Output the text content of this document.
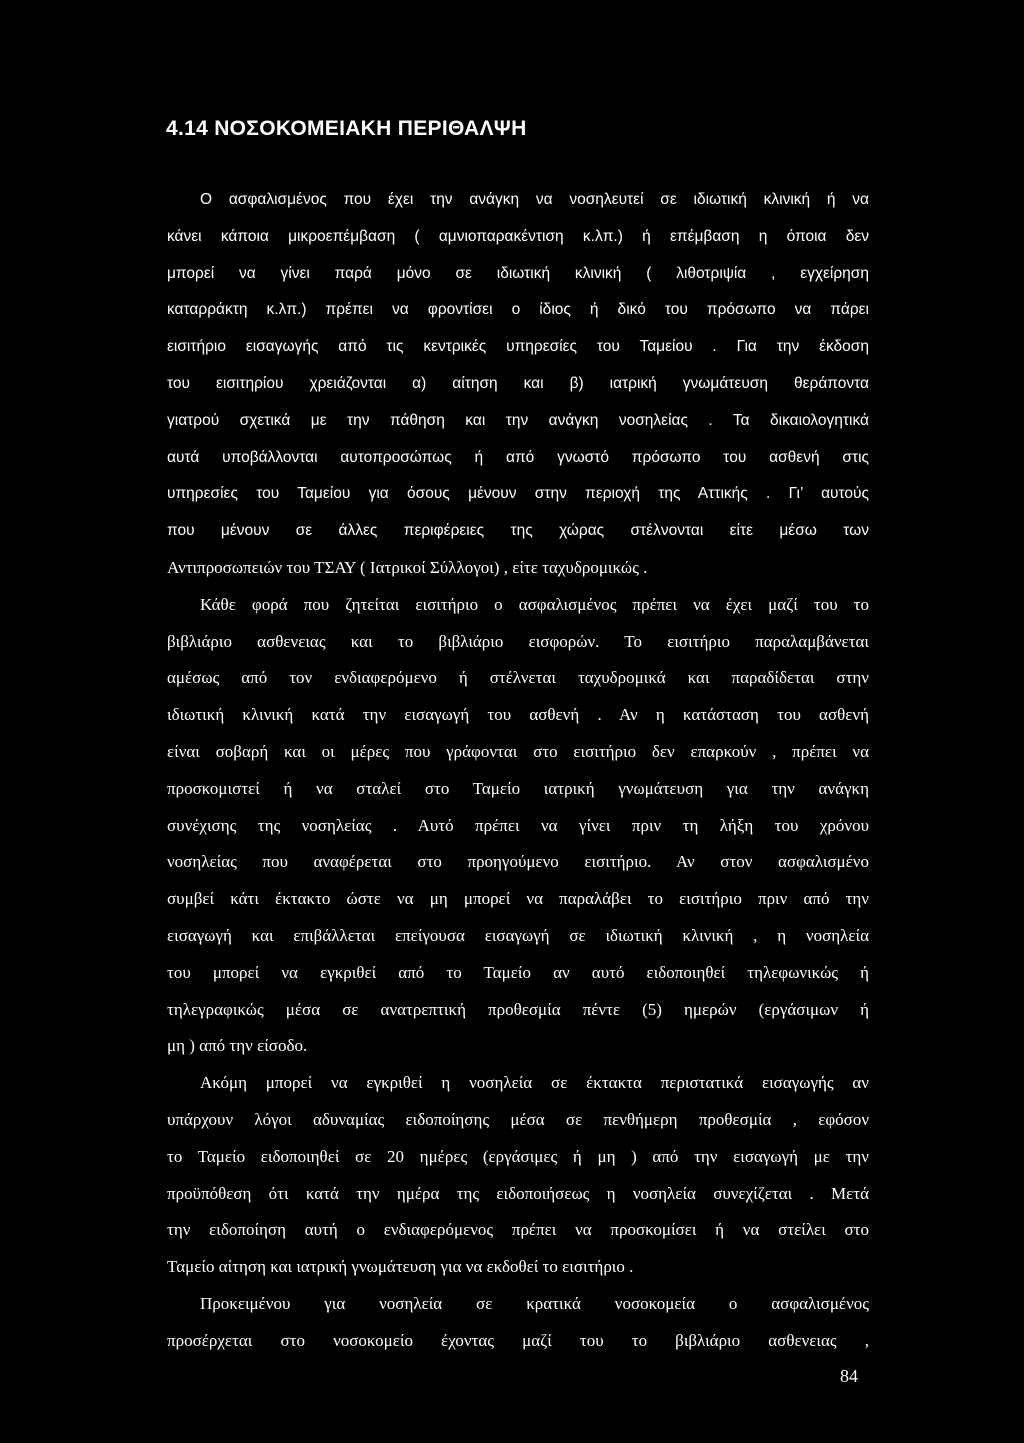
4.14 ΝΟΣΟΚΟΜΕΙΑΚΗ ΠΕΡΙΘΑΛΨΗ
Ο ασφαλισμένος που έχει την ανάγκη να νοσηλευτεί σε ιδιωτική κλινική ή να
κάνει κάποια μικροεπέμβαση ( αμνιοπαρακέντιση κ.λπ.) ή επέμβαση η όποια δεν
μπορεί να γίνει παρά μόνο σε ιδιωτική κλινική ( λιθοτριψία , εγχείρηση
καταρράκτη κ.λπ.) πρέπει να φροντίσει ο ίδιος ή δικό του πρόσωπο να πάρει
εισιτήριο εισαγωγής από τις κεντρικές υπηρεσίες του Ταμείου . Για την έκδοση
του εισιτηρίου χρειάζονται α) αίτηση και β) ιατρική γνωμάτευση θεράποντα
γιατρού σχετικά με την πάθηση και την ανάγκη νοσηλείας . Τα δικαιολογητικά
αυτά υποβάλλονται αυτοπροσώπως ή από γνωστό πρόσωπο του ασθενή στις
υπηρεσίες του Ταμείου για όσους μένουν στην περιοχή της Αττικής . Γι’ αυτούς
που μένουν σε άλλες περιφέρειες της χώρας στέλνονται είτε μέσω των
Αντιπροσωπειών του ΤΣΑΥ ( Ιατρικοί Σύλλογοι) , είτε ταχυδρομικώς .
Κάθε φορά που ζητείται εισιτήριο ο ασφαλισμένος πρέπει να έχει μαζί του το
βιβλιάριο ασθενειας και το βιβλιάριο εισφορών. Το εισιτήριο παραλαμβάνεται
αμέσως από τον ενδιαφερόμενο ή στέλνεται ταχυδρομικά και παραδίδεται στην
ιδιωτική κλινική κατά την εισαγωγή του ασθενή . Αν η κατάσταση του ασθενή
είναι σοβαρή και οι μέρες που γράφονται στο εισιτήριο δεν επαρκούν , πρέπει να
προσκομιστεί ή να σταλεί στο Ταμείο ιατρική γνωμάτευση για την ανάγκη
συνέχισης της νοσηλείας . Αυτό πρέπει να γίνει πριν τη λήξη του χρόνου
νοσηλείας που αναφέρεται στο προηγούμενο εισιτήριο. Αν στον ασφαλισμένο
συμβεί κάτι έκτακτο ώστε να μη μπορεί να παραλάβει το εισιτήριο πριν από την
εισαγωγή και επιβάλλεται επείγουσα εισαγωγή σε ιδιωτική κλινική , η νοσηλεία
του μπορεί να εγκριθεί από το Ταμείο αν αυτό ειδοποιηθεί τηλεφωνικώς ή
τηλεγραφικώς μέσα σε ανατρεπτική προθεσμία πέντε (5) ημερών (εργάσιμων ή
μη ) από την είσοδο.
Ακόμη μπορεί να εγκριθεί η νοσηλεία σε έκτακτα περιστατικά εισαγωγής αν
υπάρχουν λόγοι αδυναμίας ειδοποίησης μέσα σε πενθήμερη προθεσμία , εφόσον
το Ταμείο ειδοποιηθεί σε 20 ημέρες (εργάσιμες ή μη ) από την εισαγωγή με την
προϋπόθεση ότι κατά την ημέρα της ειδοποιήσεως η νοσηλεία συνεχίζεται . Μετά
την ειδοποίηση αυτή ο ενδιαφερόμενος πρέπει να προσκομίσει ή να στείλει στο
Ταμείο αίτηση και ιατρική γνωμάτευση για να εκδοθεί το εισιτήριο .
Προκειμένου για νοσηλεία σε κρατικά νοσοκομεία ο ασφαλισμένος
προσέρχεται στο νοσοκομείο έχοντας μαζί του το βιβλιάριο ασθενειας ,
84
